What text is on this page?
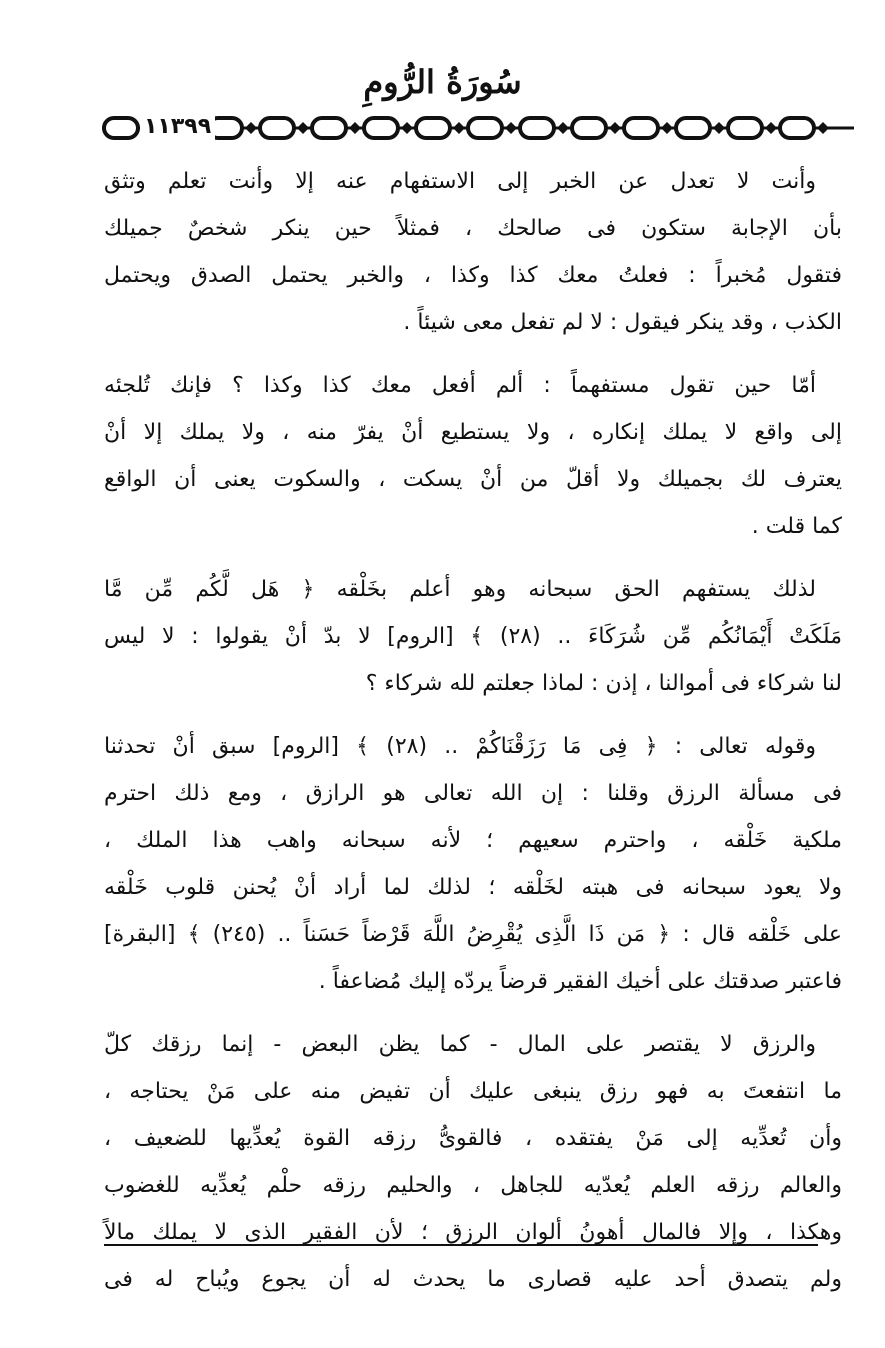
سُورَةُ الرُّومِ
١١٣٩٩
وأنت لا تعدل عن الخبر إلى الاستفهام عنه إلا وأنت تعلم وتثق
بأن الإجابة ستكون فى صالحك ، فمثلاً حين ينكر شخصٌ جميلك
فتقول مُخبراً : فعلتُ معك كذا وكذا ، والخبر يحتمل الصدق ويحتمل
الكذب ، وقد ينكر فيقول : لا لم تفعل معى شيئاً .
أمّا حين تقول مستفهماً : ألم أفعل معك كذا وكذا ؟ فإنك تُلجئه
إلى واقع لا يملك إنكاره ، ولا يستطيع أنْ يفرّ منه ، ولا يملك إلا أنْ
يعترف لك بجميلك ولا أقلّ من أنْ يسكت ، والسكوت يعنى أن الواقع
كما قلت .
لذلك يستفهم الحق سبحانه وهو أعلم بخَلْقه ﴿ هَل لَّكُم مِّن مَّا
مَلَكَتْ أَيْمَانُكُم مِّن شُرَكَاءَ .. (٢٨) ﴾ [الروم] لا بدّ أنْ يقولوا : لا ليس
لنا شركاء فى أموالنا ، إذن : لماذا جعلتم لله شركاء ؟
وقوله تعالى : ﴿ فِى مَا رَزَقْنَاكُمْ .. (٢٨) ﴾ [الروم] سبق أنْ تحدثنا
فى مسألة الرزق وقلنا : إن الله تعالى هو الرازق ، ومع ذلك احترم
ملكية خَلْقه ، واحترم سعيهم ؛ لأنه سبحانه واهب هذا الملك ،
ولا يعود سبحانه فى هبته لخَلْقه ؛ لذلك لما أراد أنْ يُحنن قلوب خَلْقه
على خَلْقه قال : ﴿ مَن ذَا الَّذِى يُقْرِضُ اللَّهَ قَرْضاً حَسَناً .. (٢٤٥) ﴾ [البقرة]
فاعتبر صدقتك على أخيك الفقير قرضاً يردّه إليك مُضاعفاً .
والرزق لا يقتصر على المال - كما يظن البعض - إنما رزقك كلّ
ما انتفعتَ به فهو رزق ينبغى عليك أن تفيض منه على مَنْ يحتاجه ،
وأن تُعدِّيه إلى مَنْ يفتقده ، فالقوىُّ رزقه القوة يُعدِّيها للضعيف ،
والعالم رزقه العلم يُعدّيه للجاهل ، والحليم رزقه حلْم يُعدِّيه للغضوب
وهكذا ، وإلا فالمال أهونُ ألوان الرزق ؛ لأن الفقير الذى لا يملك مالاً
ولم يتصدق أحد عليه قصارى ما يحدث له أن يجوع ويُباح له فى
